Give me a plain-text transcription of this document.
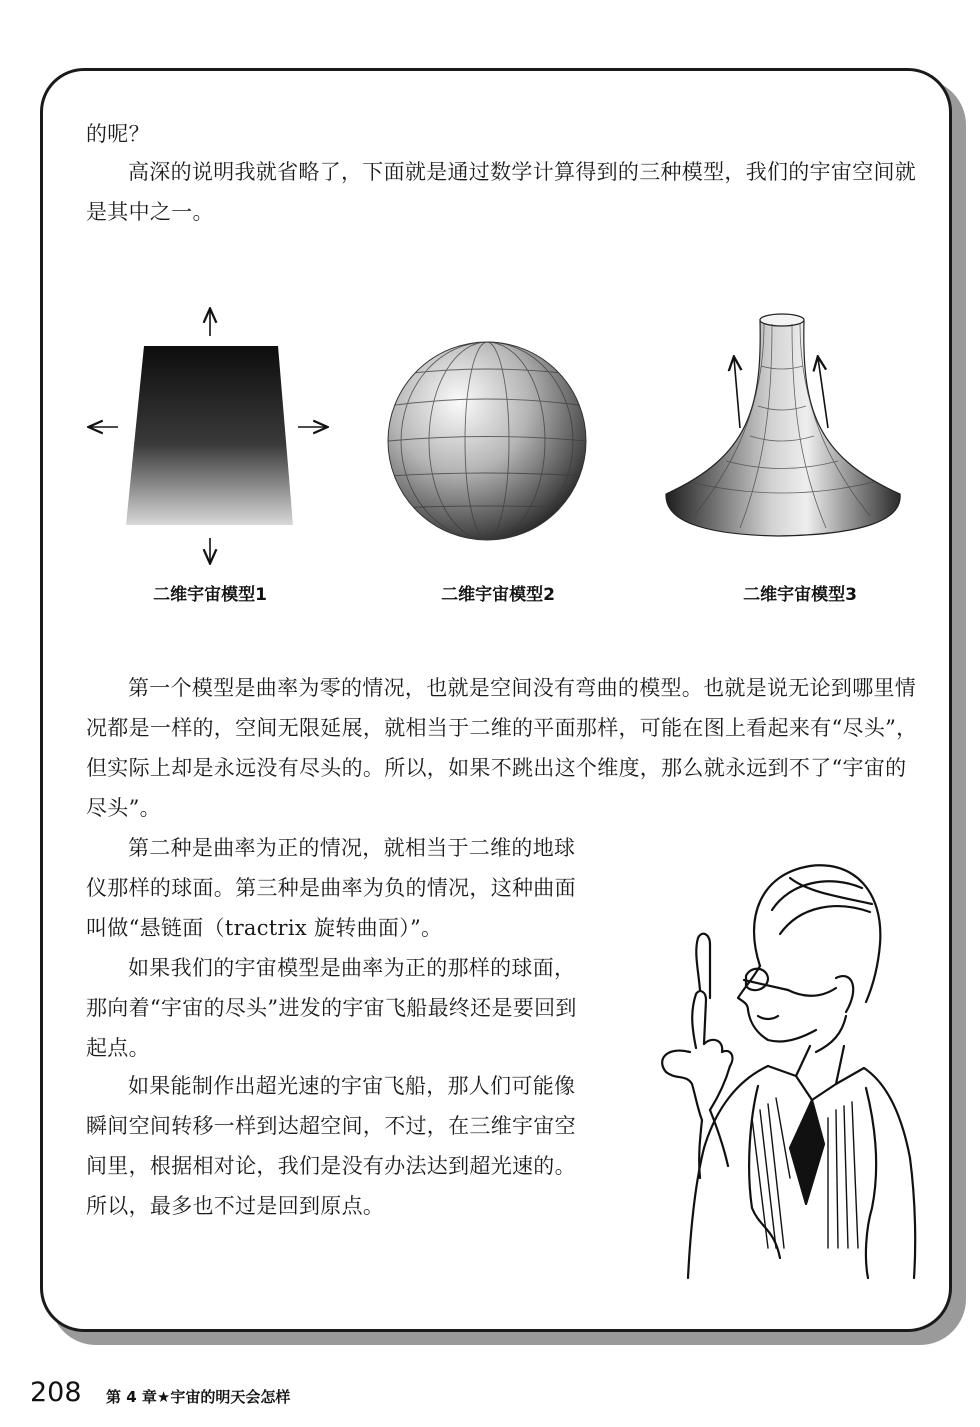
的呢？

高深的说明我就省略了，下面就是通过数学计算得到的三种模型，我们的宇宙空间就是其中之一。

二维宇宙模型1	二维宇宙模型2	二维宇宙模型3

第一个模型是曲率为零的情况，也就是空间没有弯曲的模型。也就是说无论到哪里情况都是一样的，空间无限延展，就相当于二维的平面那样，可能在图上看起来有“尽头”，但实际上却是永远没有尽头的。所以，如果不跳出这个维度，那么就永远到不了“宇宙的尽头”。

第二种是曲率为正的情况，就相当于二维的地球仪那样的球面。第三种是曲率为负的情况，这种曲面叫做“悬链面（tractrix 旋转曲面）”。

如果我们的宇宙模型是曲率为正的那样的球面，那向着“宇宙的尽头”进发的宇宙飞船最终还是要回到起点。

如果能制作出超光速的宇宙飞船，那人们可能像瞬间空间转移一样到达超空间，不过，在三维宇宙空间里，根据相对论，我们是没有办法达到超光速的。所以，最多也不过是回到原点。

208 第 4 章★宇宙的明天会怎样
